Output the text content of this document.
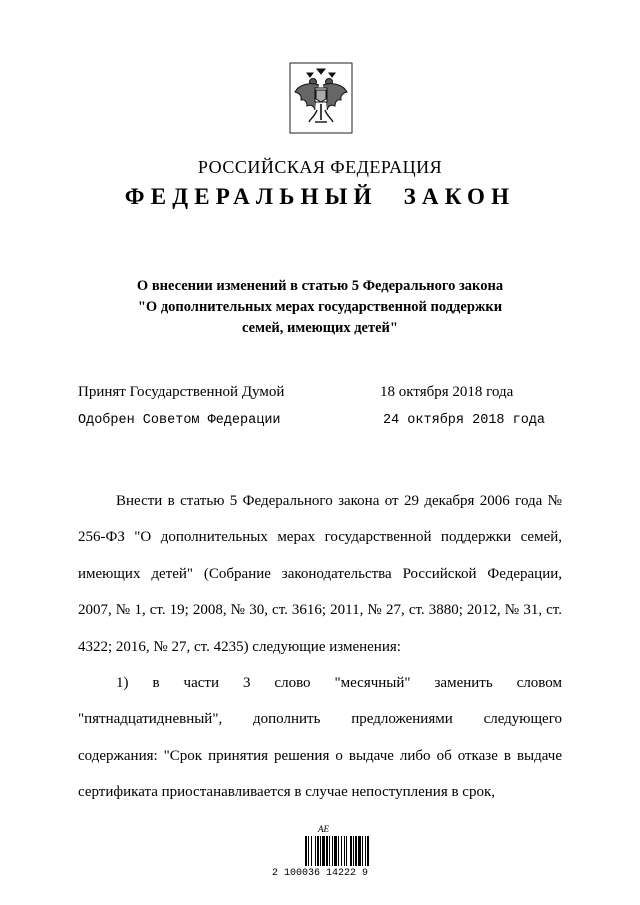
РОССИЙСКАЯ ФЕДЕРАЦИЯ
ФЕДЕРАЛЬНЫЙ ЗАКОН
О внесении изменений в статью 5 Федерального закона
"О дополнительных мерах государственной поддержки
семей, имеющих детей"
Принят Государственной Думой	18 октября 2018 года
Одобрен Советом Федерации	24 октября 2018 года

Внести в статью 5 Федерального закона от 29 декабря 2006 года № 256-ФЗ "О дополнительных мерах государственной поддержки семей, имеющих детей" (Собрание законодательства Российской Федерации, 2007, № 1, ст. 19; 2008, № 30, ст. 3616; 2011, № 27, ст. 3880; 2012, № 31, ст. 4322; 2016, № 27, ст. 4235) следующие изменения:

1) в части 3 слово "месячный" заменить словом "пятнадцатидневный", дополнить предложениями следующего содержания: "Срок принятия решения о выдаче либо об отказе в выдаче сертификата приостанавливается в случае непоступления в срок,

AE
2 100036 14222 9
